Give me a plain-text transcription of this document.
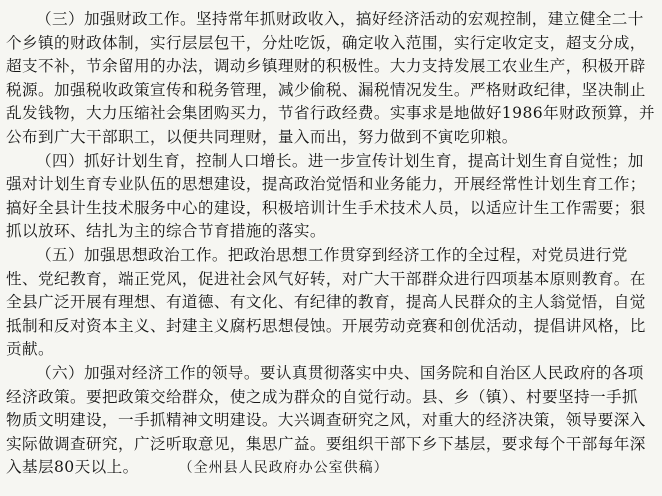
（三）加强财政工作。坚持常年抓财政收入，搞好经济活动的宏观控制，建立健全二十
个乡镇的财政体制，实行层层包干，分灶吃饭，确定收入范围，实行定收定支，超支分成，
超支不补，节余留用的办法，调动乡镇理财的积极性。大力支持发展工农业生产，积极开辟
税源。加强税收政策宣传和税务管理，减少偷税、漏税情况发生。严格财政纪律，坚决制止
乱发钱物，大力压缩社会集团购买力，节省行政经费。实事求是地做好1986年财政预算，并
公布到广大干部职工，以便共同理财，量入而出，努力做到不寅吃卯粮。
（四）抓好计划生育，控制人口增长。进一步宣传计划生育，提高计划生育自觉性；加
强对计划生育专业队伍的思想建设，提高政治觉悟和业务能力，开展经常性计划生育工作；
搞好全县计生技术服务中心的建设，积极培训计生手术技术人员，以适应计生工作需要；狠
抓以放环、结扎为主的综合节育措施的落实。
（五）加强思想政治工作。把政治思想工作贯穿到经济工作的全过程，对党员进行党
性、党纪教育，端正党风，促进社会风气好转，对广大干部群众进行四项基本原则教育。在
全县广泛开展有理想、有道德、有文化、有纪律的教育，提高人民群众的主人翁觉悟，自觉
抵制和反对资本主义、封建主义腐朽思想侵蚀。开展劳动竞赛和创优活动，提倡讲风格，比
贡献。
（六）加强对经济工作的领导。要认真贯彻落实中央、国务院和自治区人民政府的各项
经济政策。要把政策交给群众，使之成为群众的自觉行动。县、乡（镇）、村要坚持一手抓
物质文明建设，一手抓精神文明建设。大兴调查研究之风，对重大的经济决策，领导要深入
实际做调查研究，广泛听取意见，集思广益。要组织干部下乡下基层，要求每个干部每年深
入基层80天以上。	（全州县人民政府办公室供稿）
